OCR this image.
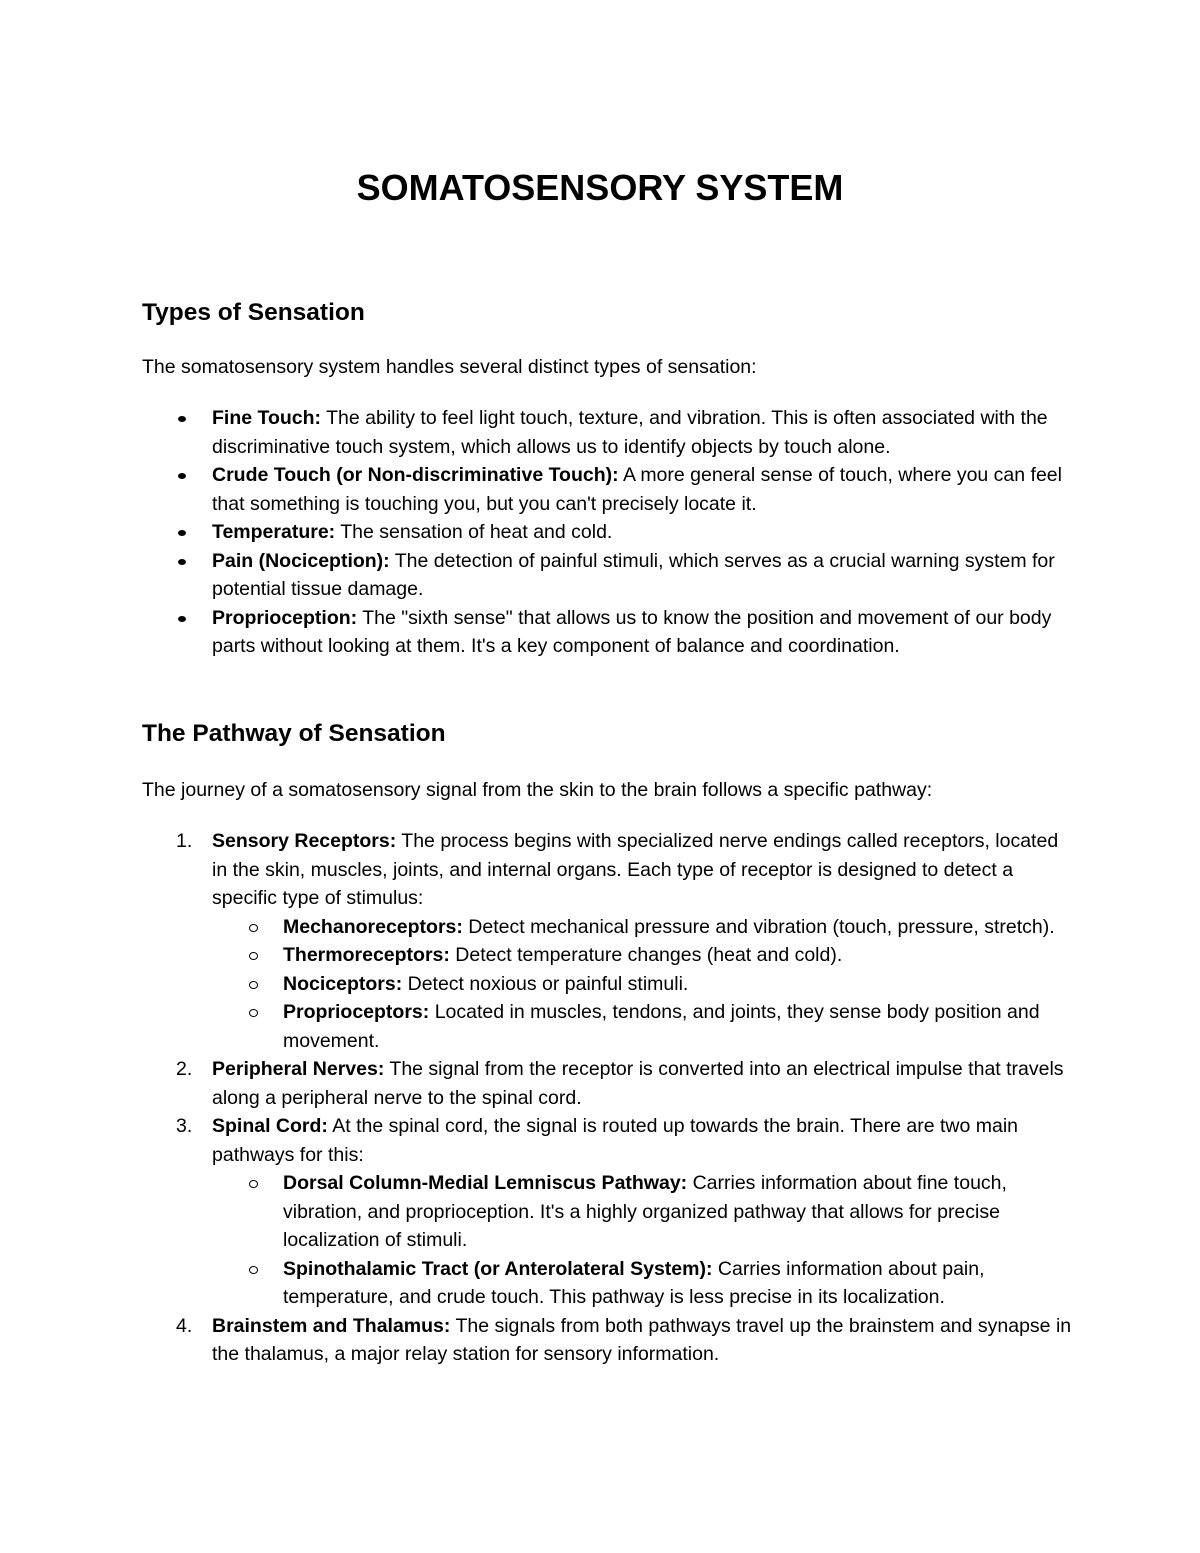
SOMATOSENSORY SYSTEM
Types of Sensation
The somatosensory system handles several distinct types of sensation:
Fine Touch: The ability to feel light touch, texture, and vibration. This is often associated with the discriminative touch system, which allows us to identify objects by touch alone.
Crude Touch (or Non-discriminative Touch): A more general sense of touch, where you can feel that something is touching you, but you can't precisely locate it.
Temperature: The sensation of heat and cold.
Pain (Nociception): The detection of painful stimuli, which serves as a crucial warning system for potential tissue damage.
Proprioception: The "sixth sense" that allows us to know the position and movement of our body parts without looking at them. It's a key component of balance and coordination.
The Pathway of Sensation
The journey of a somatosensory signal from the skin to the brain follows a specific pathway:
1.	Sensory Receptors: The process begins with specialized nerve endings called receptors, located in the skin, muscles, joints, and internal organs. Each type of receptor is designed to detect a specific type of stimulus:
Mechanoreceptors: Detect mechanical pressure and vibration (touch, pressure, stretch).
Thermoreceptors: Detect temperature changes (heat and cold).
Nociceptors: Detect noxious or painful stimuli.
Proprioceptors: Located in muscles, tendons, and joints, they sense body position and movement.
2.	Peripheral Nerves: The signal from the receptor is converted into an electrical impulse that travels along a peripheral nerve to the spinal cord.
3.	Spinal Cord: At the spinal cord, the signal is routed up towards the brain. There are two main pathways for this:
Dorsal Column-Medial Lemniscus Pathway: Carries information about fine touch, vibration, and proprioception. It's a highly organized pathway that allows for precise localization of stimuli.
Spinothalamic Tract (or Anterolateral System): Carries information about pain, temperature, and crude touch. This pathway is less precise in its localization.
4.	Brainstem and Thalamus: The signals from both pathways travel up the brainstem and synapse in the thalamus, a major relay station for sensory information.
